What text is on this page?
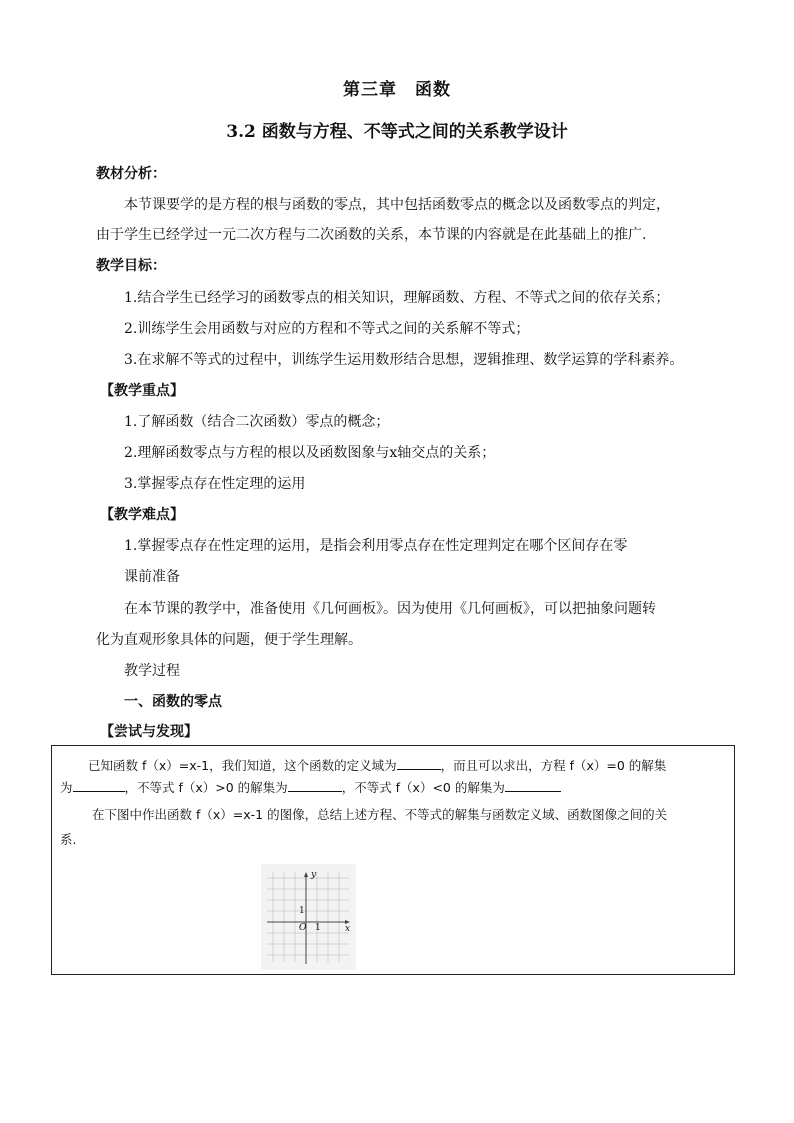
第三章　函数
3.2 函数与方程、不等式之间的关系教学设计
教材分析：
本节课要学的是方程的根与函数的零点，其中包括函数零点的概念以及函数零点的判定，
由于学生已经学过一元二次方程与二次函数的关系，本节课的内容就是在此基础上的推广.
教学目标：
1.结合学生已经学习的函数零点的相关知识，理解函数、方程、不等式之间的依存关系；
2.训练学生会用函数与对应的方程和不等式之间的关系解不等式；
3.在求解不等式的过程中，训练学生运用数形结合思想，逻辑推理、数学运算的学科素养。
【教学重点】
1.了解函数（结合二次函数）零点的概念；
2.理解函数零点与方程的根以及函数图象与x轴交点的关系；
3.掌握零点存在性定理的运用
【教学难点】
1.掌握零点存在性定理的运用，是指会利用零点存在性定理判定在哪个区间存在零
课前准备
在本节课的教学中，准备使用《几何画板》。因为使用《几何画板》，可以把抽象问题转
化为直观形象具体的问题，便于学生理解。
教学过程
一、函数的零点
【尝试与发现】
已知函数 f（x）=x-1，我们知道，这个函数的定义域为	，而且可以求出，方程 f（x）=0 的解集
为	，不等式 f（x）>0 的解集为	，不等式 f（x）<0 的解集为
在下图中作出函数 f（x）=x-1 的图像，总结上述方程、不等式的解集与函数定义域、函数图像之间的关
系.
y
x
O 1
1
